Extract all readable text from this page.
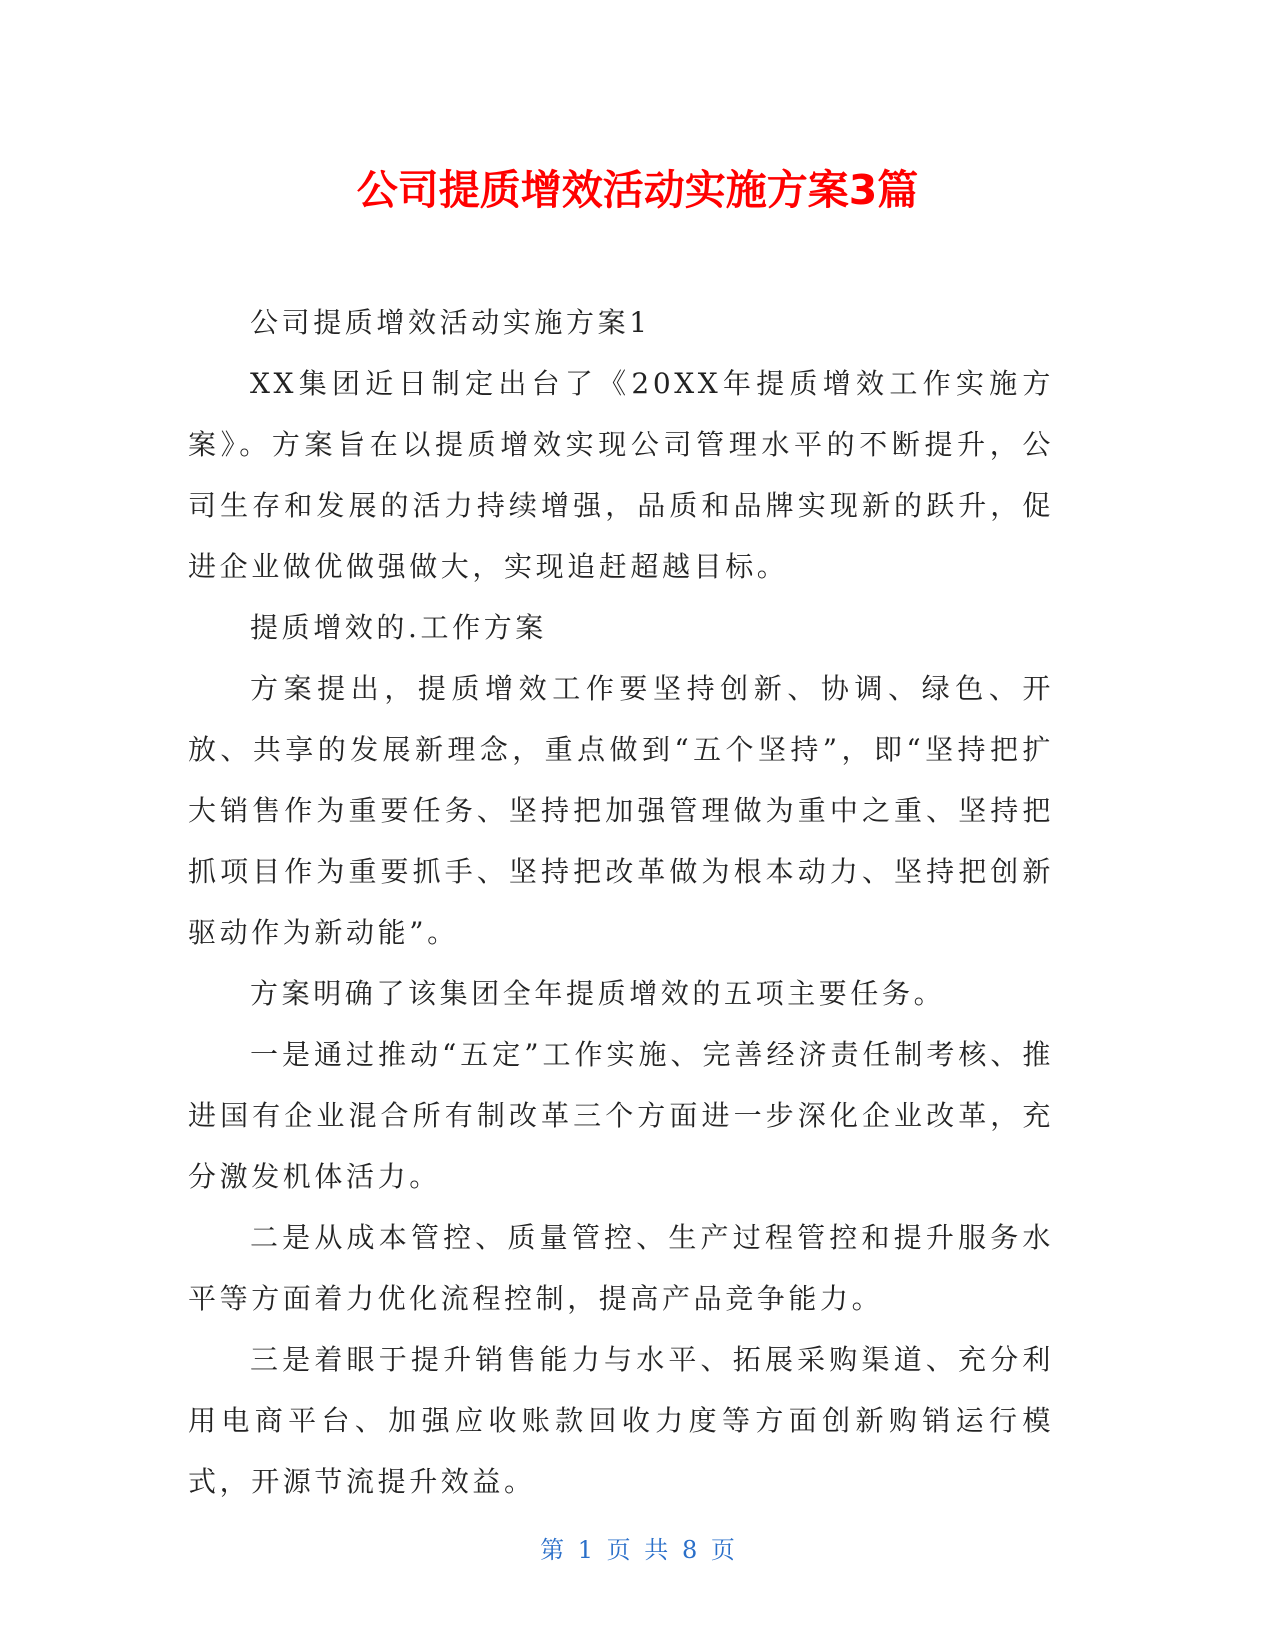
公司提质增效活动实施方案3篇

公司提质增效活动实施方案1

XX集团近日制定出台了《20XX年提质增效工作实施方案》。方案旨在以提质增效实现公司管理水平的不断提升，公司生存和发展的活力持续增强，品质和品牌实现新的跃升，促进企业做优做强做大，实现追赶超越目标。

提质增效的.工作方案

方案提出，提质增效工作要坚持创新、协调、绿色、开放、共享的发展新理念，重点做到“五个坚持”，即“坚持把扩大销售作为重要任务、坚持把加强管理做为重中之重、坚持把抓项目作为重要抓手、坚持把改革做为根本动力、坚持把创新驱动作为新动能”。

方案明确了该集团全年提质增效的五项主要任务。

一是通过推动“五定”工作实施、完善经济责任制考核、推进国有企业混合所有制改革三个方面进一步深化企业改革，充分激发机体活力。

二是从成本管控、质量管控、生产过程管控和提升服务水平等方面着力优化流程控制，提高产品竞争能力。

三是着眼于提升销售能力与水平、拓展采购渠道、充分利用电商平台、加强应收账款回收力度等方面创新购销运行模式，开源节流提升效益。

第 1 页 共 8 页
